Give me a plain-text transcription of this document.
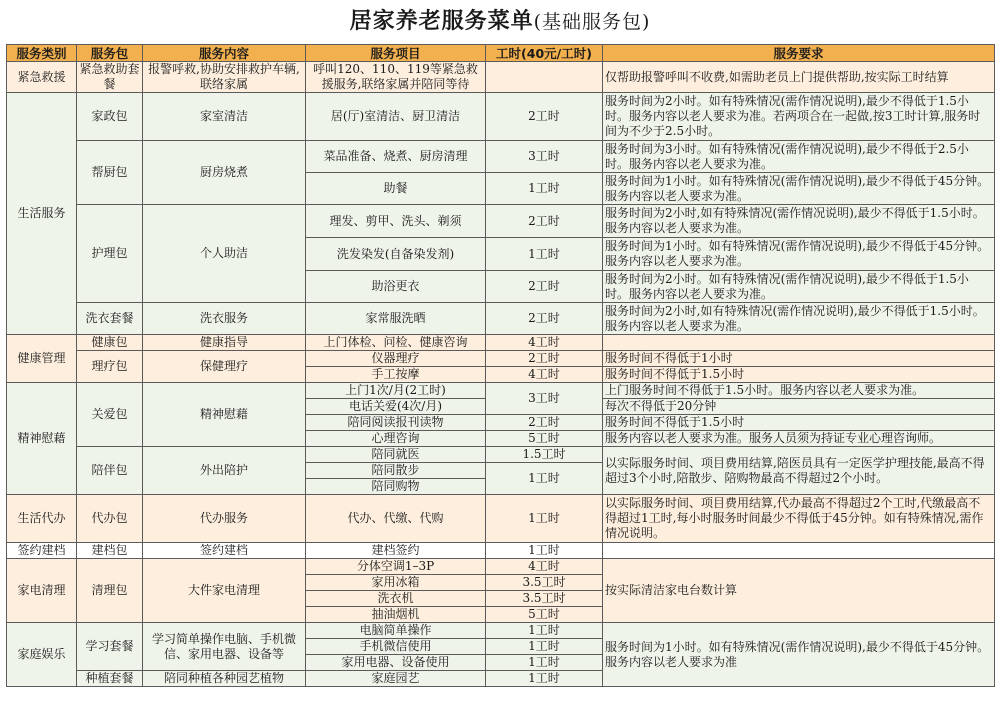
居家养老服务菜单(基础服务包)
服务类别	服务包	服务内容	服务项目	工时(40元/工时)	服务要求
紧急救援	紧急救助套餐	报警呼救,协助安排救护车辆,联络家属	呼叫120、110、119等紧急救援服务,联络家属并陪同等待		仅帮助报警呼叫不收费,如需助老员上门提供帮助,按实际工时结算
生活服务	家政包	家室清洁	居(厅)室清洁、厨卫清洁	2工时	服务时间为2小时。如有特殊情况(需作情况说明),最少不得低于1.5小时。服务内容以老人要求为准。若两项合在一起做,按3工时计算,服务时间为不少于2.5小时。
	帮厨包	厨房烧煮	菜品准备、烧煮、厨房清理	3工时	服务时间为3小时。如有特殊情况(需作情况说明),最少不得低于2.5小时。服务内容以老人要求为准。
			助餐	1工时	服务时间为1小时。如有特殊情况(需作情况说明),最少不得低于45分钟。服务内容以老人要求为准。
	护理包	个人助洁	理发、剪甲、洗头、剃须	2工时	服务时间为2小时,如有特殊情况(需作情况说明),最少不得低于1.5小时。服务内容以老人要求为准。
			洗发染发(自备染发剂)	1工时	服务时间为1小时。如有特殊情况(需作情况说明),最少不得低于45分钟。服务内容以老人要求为准。
			助浴更衣	2工时	服务时间为2小时。如有特殊情况(需作情况说明),最少不得低于1.5小时。服务内容以老人要求为准。
	洗衣套餐	洗衣服务	家常服洗晒	2工时	服务时间为2小时,如有特殊情况(需作情况说明),最少不得低于1.5小时。服务内容以老人要求为准。
健康管理	健康包	健康指导	上门体检、问检、健康咨询	4工时	
	理疗包	保健理疗	仪器理疗	2工时	服务时间不得低于1小时
			手工按摩	4工时	服务时间不得低于1.5小时
精神慰藉	关爱包	精神慰藉	上门1次/月(2工时)	3工时	上门服务时间不得低于1.5小时。服务内容以老人要求为准。
			电话关爱(4次/月)		每次不得低于20分钟
			陪同阅读报刊读物	2工时	服务时间不得低于1.5小时
			心理咨询	5工时	服务内容以老人要求为准。服务人员须为持证专业心理咨询师。
	陪伴包	外出陪护	陪同就医	1.5工时	以实际服务时间、项目费用结算,陪医员具有一定医学护理技能,最高不得超过3个小时,陪散步、陪购物最高不得超过2个小时。
			陪同散步	1工时	
			陪同购物		
生活代办	代办包	代办服务	代办、代缴、代购	1工时	以实际服务时间、项目费用结算,代办最高不得超过2个工时,代缴最高不得超过1工时,每小时服务时间最少不得低于45分钟。如有特殊情况,需作情况说明。
签约建档	建档包	签约建档	建档签约	1工时	
家电清理	清理包	大件家电清理	分体空调1–3P	4工时	按实际清洁家电台数计算
			家用冰箱	3.5工时	
			洗衣机	3.5工时	
			抽油烟机	5工时	
家庭娱乐	学习套餐	学习简单操作电脑、手机微信、家用电器、设备等	电脑简单操作	1工时	服务时间为1小时。如有特殊情况(需作情况说明),最少不得低于45分钟。服务内容以老人要求为准
			手机微信使用	1工时	
			家用电器、设备使用	1工时	
	种植套餐	陪同种植各种园艺植物	家庭园艺	1工时	
